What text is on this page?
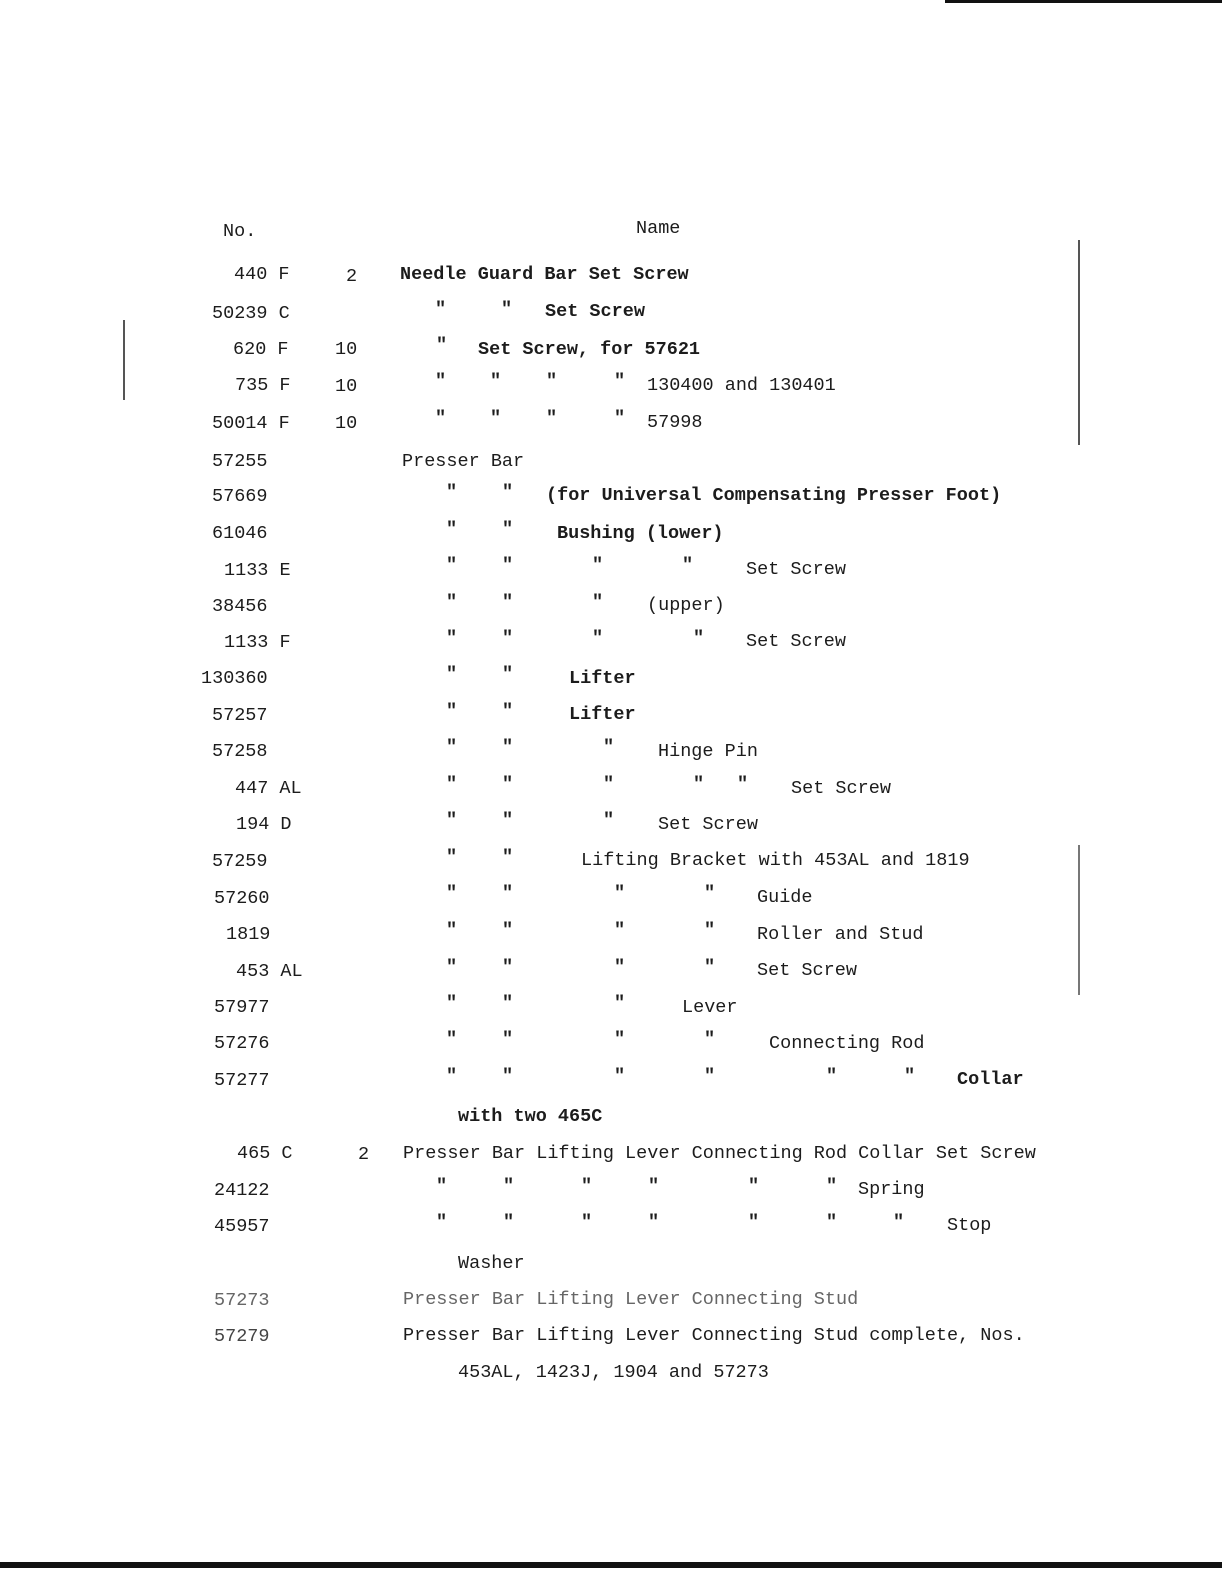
No.	Name
440 F	2 Needle Guard Bar Set Screw
50239 C	"	" Set Screw
620 F	10	" Set Screw, for 57621
735 F 10	" " "	" 130400 and 130401
50014 F 10	" " "	" 57998
57255	Presser Bar
57669	" " (for Universal Compensating Presser Foot)
61046	" " Bushing (lower)
1133 E	" "	"	"	Set Screw
38456	" "	" (upper)
1133 F	" "	"	" Set Screw
130360	" "	Lifter
57257	" "	Lifter
57258	" "	" Hinge Pin
447 AL	" "	"	" " Set Screw
194 D	" "	" Set Screw
57259	" "	Lifting Bracket with 453AL and 1819
57260	" "	"	" Guide
1819	" "	"	" Roller and Stud
453 AL	" "	"	" Set Screw
57977	" "	"	Lever
57276	" "	"	"	Connecting Rod
57277	" "	"	"	"	" Collar
with two 465C
465 C	2 Presser Bar Lifting Lever Connecting Rod Collar Set Screw
24122	"	"	"	"	"	" Spring
45957	"	"	"	"	"	"	" Stop
Washer
57273	Presser Bar Lifting Lever Connecting Stud
57279	Presser Bar Lifting Lever Connecting Stud complete, Nos.
453AL, 1423J, 1904 and 57273
